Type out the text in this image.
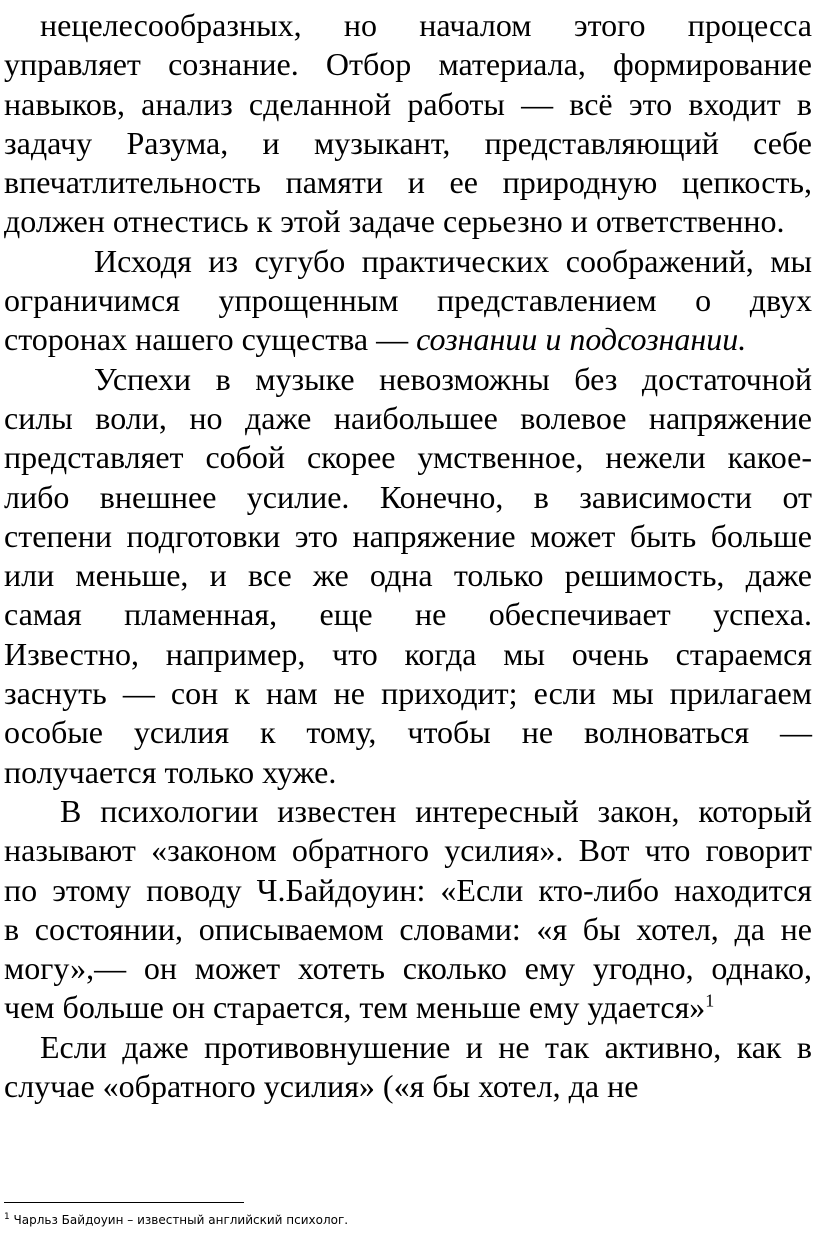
нецелесообразных, но началом этого процесса
управляет сознание. Отбор материала, формирование
навыков, анализ сделанной работы — всё это входит в
задачу Разума, и музыкант, представляющий себе
впечатлительность памяти и ее природную цепкость,
должен отнестись к этой задаче серьезно и ответственно.
Исходя из сугубо практических соображений, мы
ограничимся упрощенным представлением о двух
сторонах нашего существа — сознании и подсознании.
Успехи в музыке невозможны без достаточной
силы воли, но даже наибольшее волевое напряжение
представляет собой скорее умственное, нежели какое-
либо внешнее усилие. Конечно, в зависимости от
степени подготовки это напряжение может быть больше
или меньше, и все же одна только решимость, даже
самая пламенная, еще не обеспечивает успеха.
Известно, например, что когда мы очень стараемся
заснуть — сон к нам не приходит; если мы прилагаем
особые усилия к тому, чтобы не волноваться —
получается только хуже.
В психологии известен интересный закон, который
называют «законом обратного усилия». Вот что говорит
по этому поводу Ч.Байдоуин: «Если кто-либо находится
в состоянии, описываемом словами: «я бы хотел, да не
могу»,— он может хотеть сколько ему угодно, однако,
чем больше он старается, тем меньше ему удается»$^1$
Если даже противовнушение и не так активно, как в
случае «обратного усилия» («я бы хотел, да не
$^1$ Чарльз Байдоуин – известный английский психолог.
